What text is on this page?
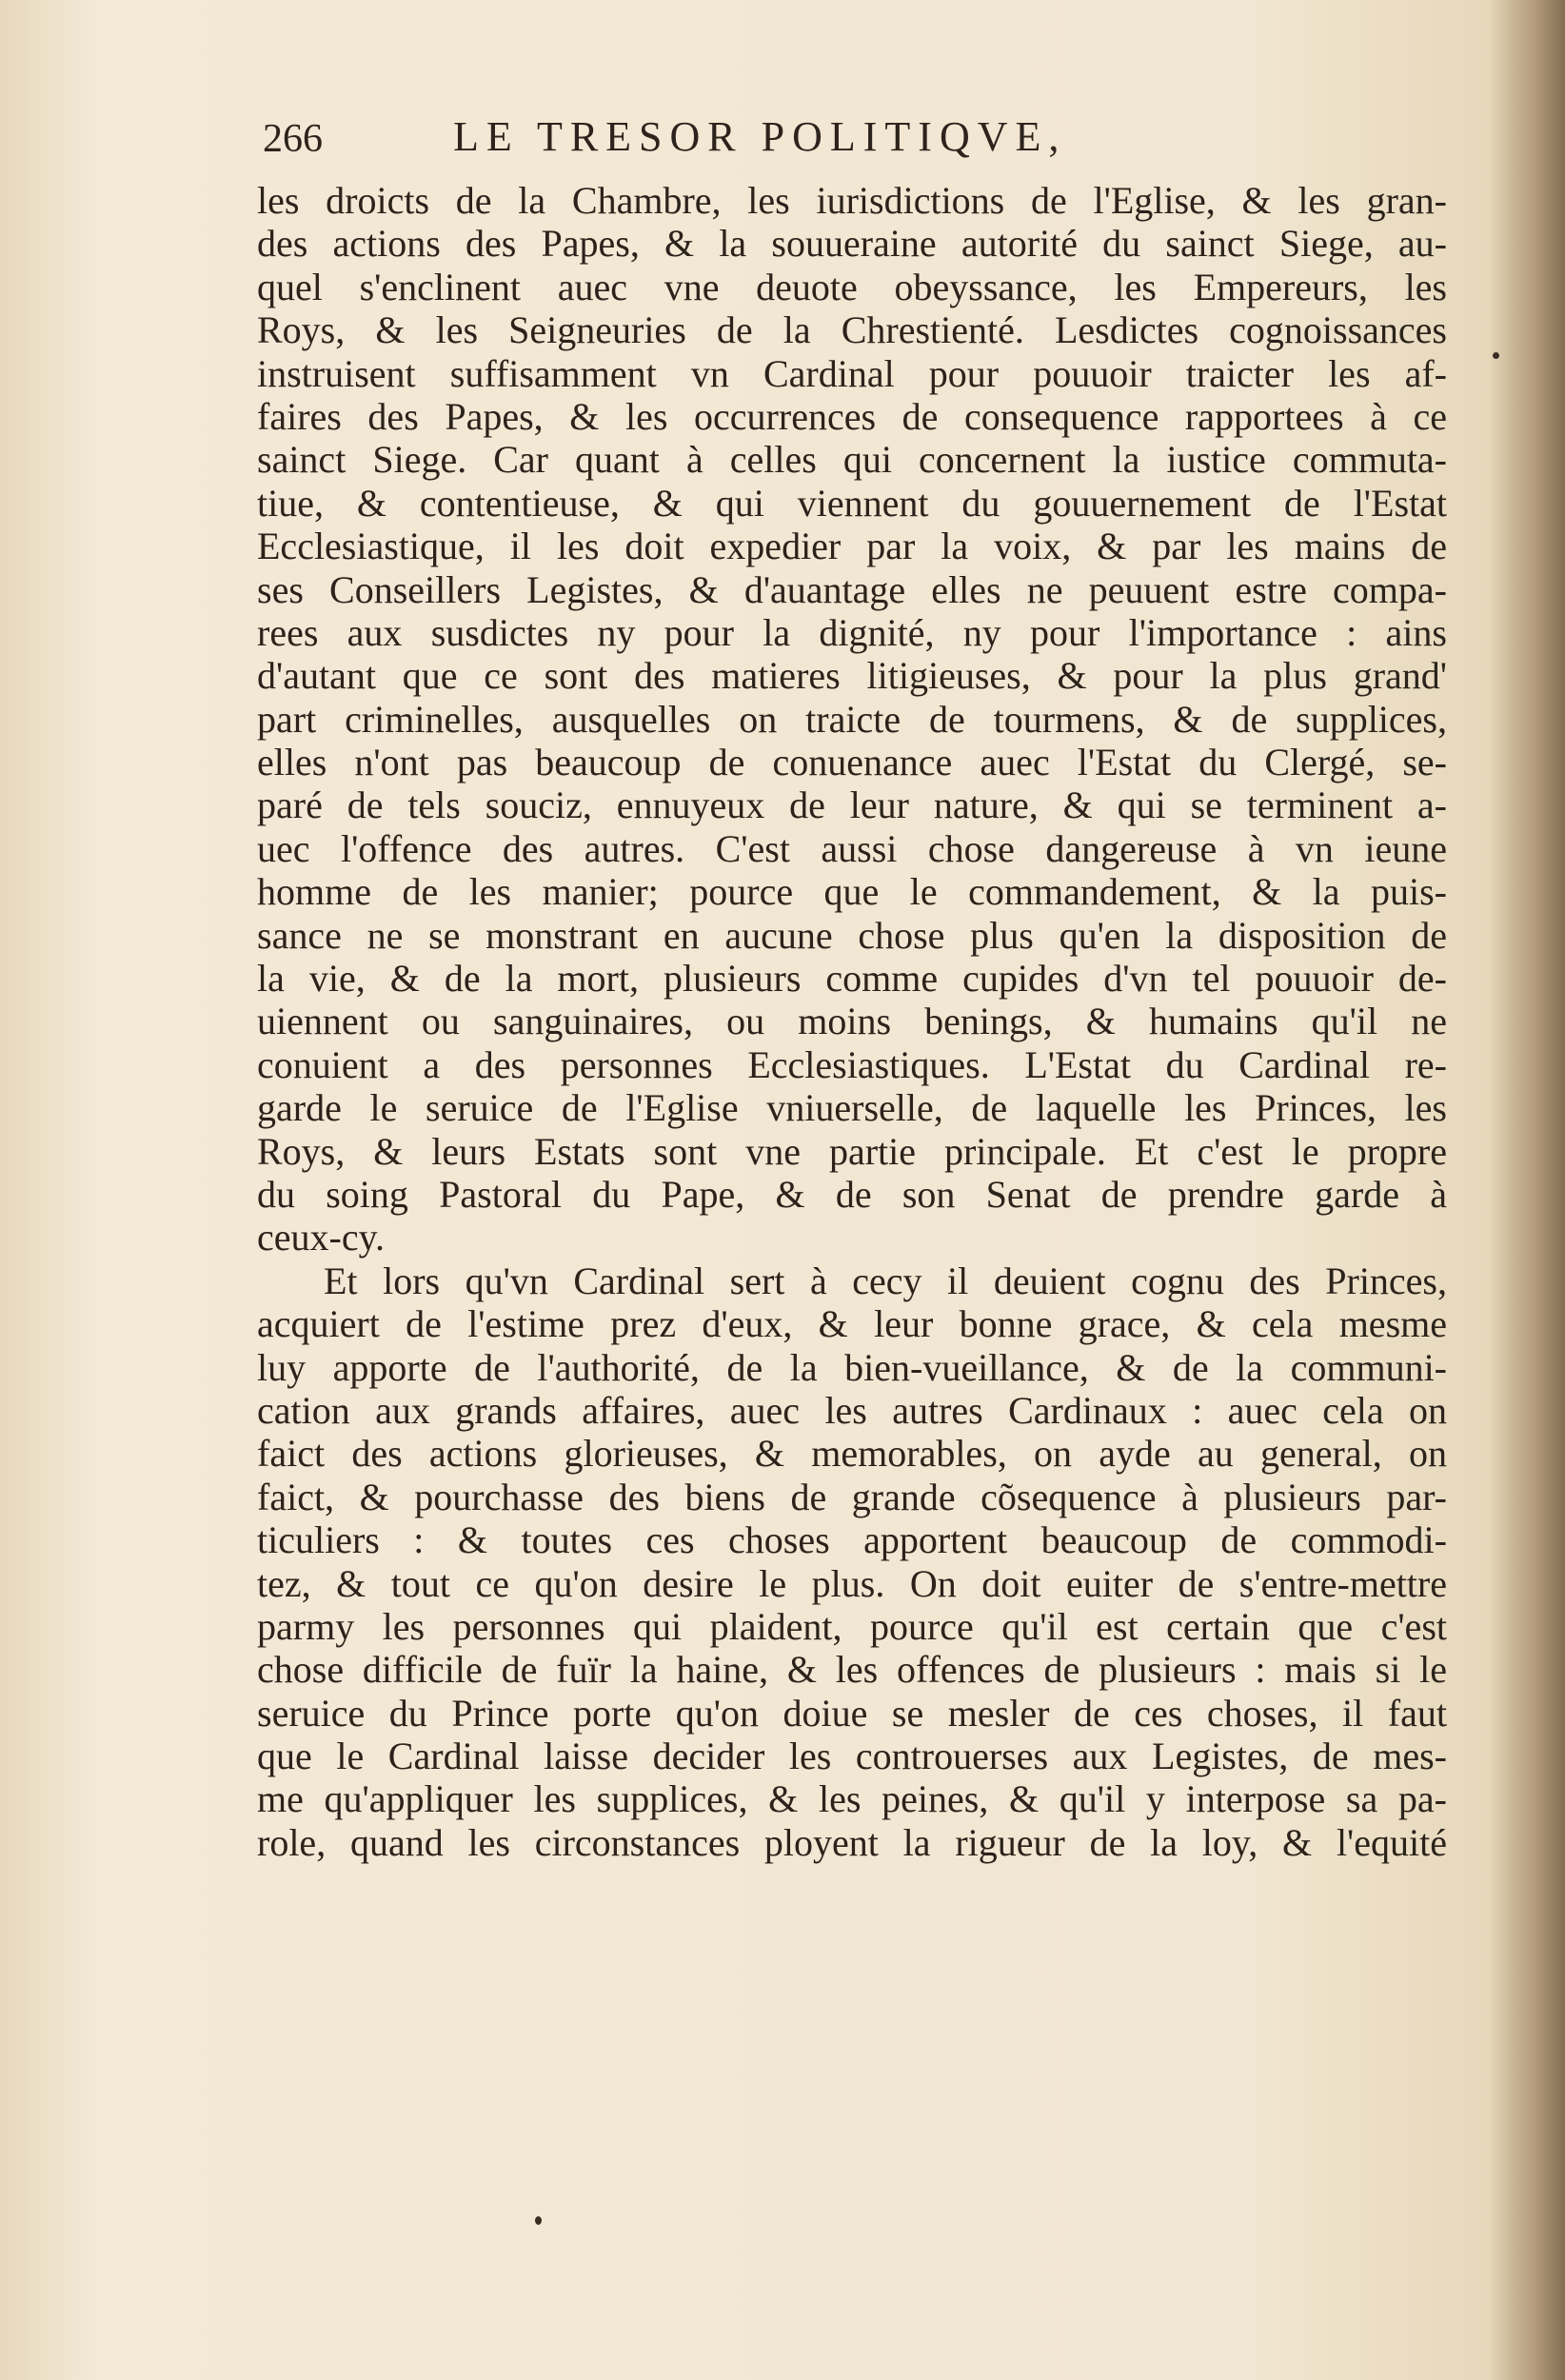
266	LE TRESOR POLITIQVE,
les droicts de la Chambre, les iurisdictions de l'Eglise, & les gran-
des actions des Papes, & la souueraine autorité du sainct Siege, au-
quel s'enclinent auec vne deuote obeyssance, les Empereurs, les
Roys, & les Seigneuries de la Chrestienté. Lesdictes cognoissances
instruisent suffisamment vn Cardinal pour pouuoir traicter les af-
faires des Papes, & les occurrences de consequence rapportees à ce
sainct Siege. Car quant à celles qui concernent la iustice commuta-
tiue, & contentieuse, & qui viennent du gouuernement de l'Estat
Ecclesiastique, il les doit expedier par la voix, & par les mains de
ses Conseillers Legistes, & d'auantage elles ne peuuent estre compa-
rees aux susdictes ny pour la dignité, ny pour l'importance : ains
d'autant que ce sont des matieres litigieuses, & pour la plus grand'
part criminelles, ausquelles on traicte de tourmens, & de supplices,
elles n'ont pas beaucoup de conuenance auec l'Estat du Clergé, se-
paré de tels souciz, ennuyeux de leur nature, & qui se terminent a-
uec l'offence des autres. C'est aussi chose dangereuse à vn ieune
homme de les manier; pource que le commandement, & la puis-
sance ne se monstrant en aucune chose plus qu'en la disposition de
la vie, & de la mort, plusieurs comme cupides d'vn tel pouuoir de-
uiennent ou sanguinaires, ou moins benings, & humains qu'il ne
conuient a des personnes Ecclesiastiques. L'Estat du Cardinal re-
garde le seruice de l'Eglise vniuerselle, de laquelle les Princes, les
Roys, & leurs Estats sont vne partie principale. Et c'est le propre
du soing Pastoral du Pape, & de son Senat de prendre garde à
ceux-cy.
Et lors qu'vn Cardinal sert à cecy il deuient cognu des Princes,
acquiert de l'estime prez d'eux, & leur bonne grace, & cela mesme
luy apporte de l'authorité, de la bien-vueillance, & de la communi-
cation aux grands affaires, auec les autres Cardinaux : auec cela on
faict des actions glorieuses, & memorables, on ayde au general, on
faict, & pourchasse des biens de grande cõsequence à plusieurs par-
ticuliers : & toutes ces choses apportent beaucoup de commodi-
tez, & tout ce qu'on desire le plus. On doit euiter de s'entre-mettre
parmy les personnes qui plaident, pource qu'il est certain que c'est
chose difficile de fuïr la haine, & les offences de plusieurs : mais si le
seruice du Prince porte qu'on doiue se mesler de ces choses, il faut
que le Cardinal laisse decider les controuerses aux Legistes, de mes-
me qu'appliquer les supplices, & les peines, & qu'il y interpose sa pa-
role, quand les circonstances ployent la rigueur de la loy, & l'equité
